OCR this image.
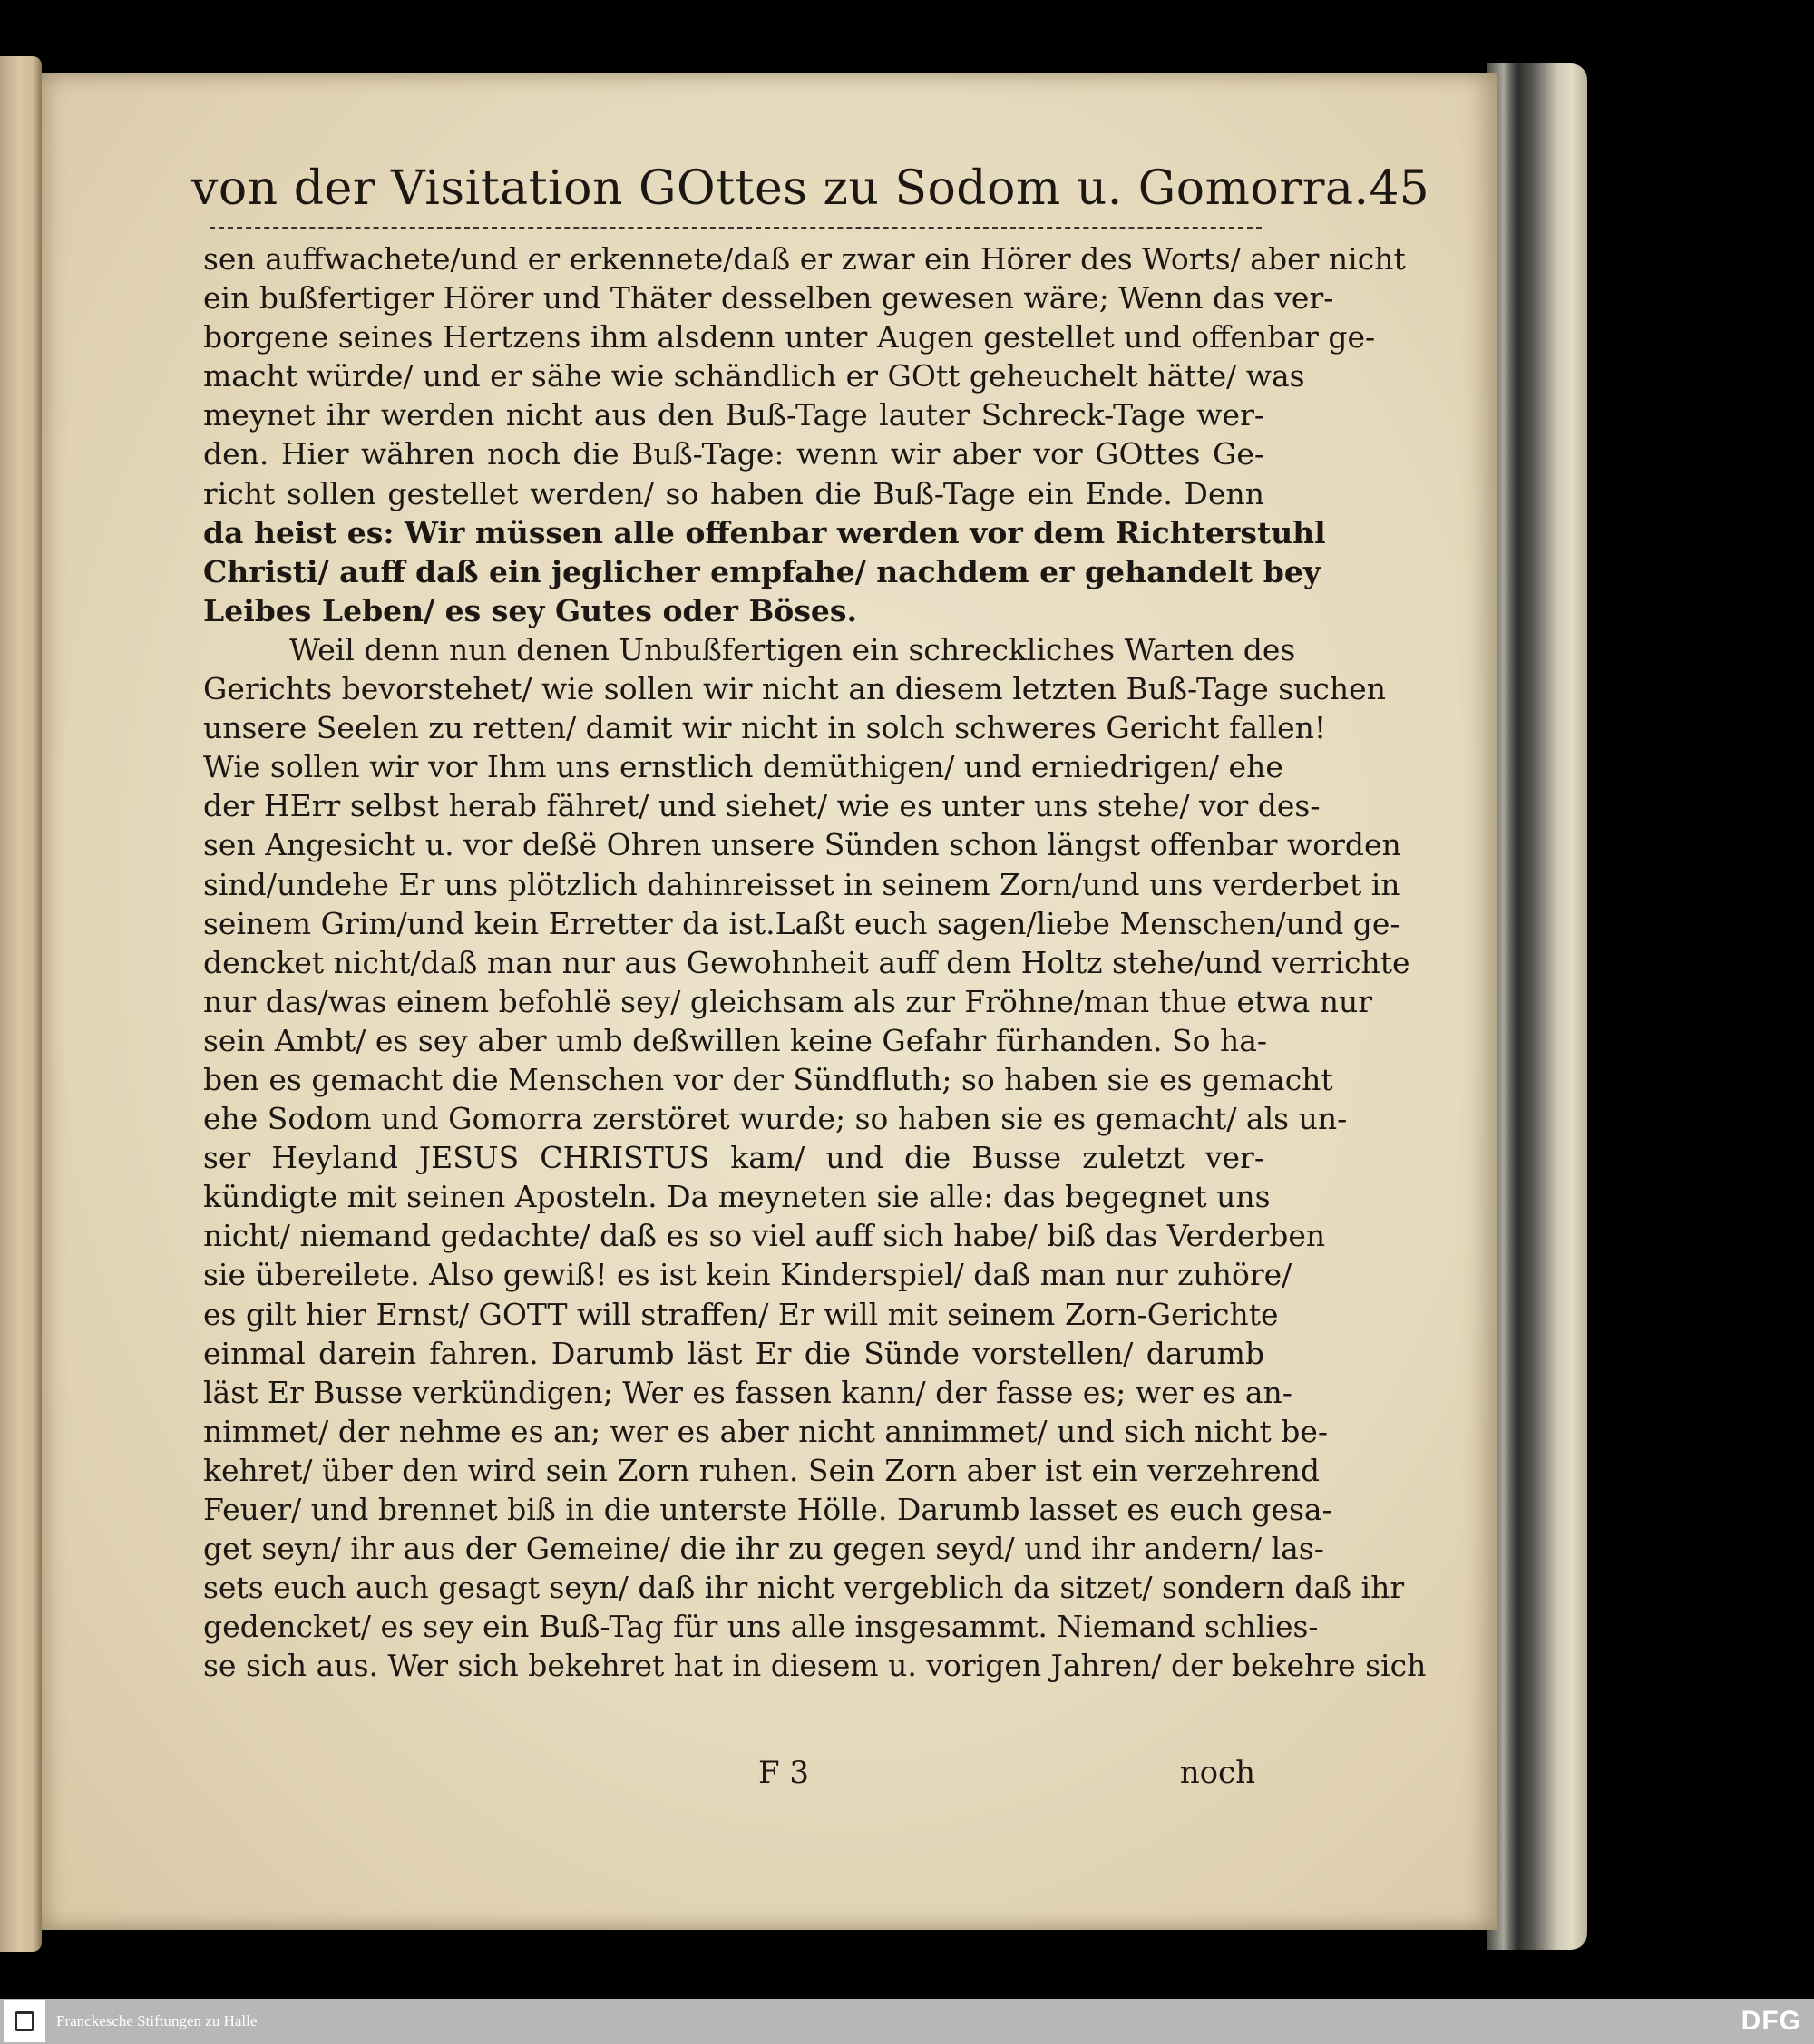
von der Visitation GOttes zu Sodom u. Gomorra. 45
sen auffwachete/und er erkennete/daß er zwar ein Hörer des Worts/ aber nicht
ein bußfertiger Hörer und Thäter desselben gewesen wäre; Wenn das ver-
borgene seines Hertzens ihm alsdenn unter Augen gestellet und offenbar ge-
macht würde/ und er sähe wie schändlich er GOtt geheuchelt hätte/ was
meynet ihr werden nicht aus den Buß-Tage lauter Schreck-Tage wer-
den. Hier währen noch die Buß-Tage: wenn wir aber vor GOttes Ge-
richt sollen gestellet werden/ so haben die Buß-Tage ein Ende. Denn
da heist es: Wir müssen alle offenbar werden vor dem Richterstuhl
Christi/ auff daß ein jeglicher empfahe/ nachdem er gehandelt bey
Leibes Leben/ es sey Gutes oder Böses.
Weil denn nun denen Unbußfertigen ein schreckliches Warten des
Gerichts bevorstehet/ wie sollen wir nicht an diesem letzten Buß-Tage suchen
unsere Seelen zu retten/ damit wir nicht in solch schweres Gericht fallen!
Wie sollen wir vor Ihm uns ernstlich demüthigen/ und erniedrigen/ ehe
der HErr selbst herab fähret/ und siehet/ wie es unter uns stehe/ vor des-
sen Angesicht u. vor deßë Ohren unsere Sünden schon längst offenbar worden
sind/undehe Er uns plötzlich dahinreisset in seinem Zorn/und uns verderbet in
seinem Grim/und kein Erretter da ist.Laßt euch sagen/liebe Menschen/und ge-
dencket nicht/daß man nur aus Gewohnheit auff dem Holtz stehe/und verrichte
nur das/was einem befohlë sey/ gleichsam als zur Fröhne/man thue etwa nur
sein Ambt/ es sey aber umb deßwillen keine Gefahr fürhanden. So ha-
ben es gemacht die Menschen vor der Sündfluth; so haben sie es gemacht
ehe Sodom und Gomorra zerstöret wurde; so haben sie es gemacht/ als un-
ser Heyland JESUS CHRISTUS kam/ und die Busse zuletzt ver-
kündigte mit seinen Aposteln. Da meyneten sie alle: das begegnet uns
nicht/ niemand gedachte/ daß es so viel auff sich habe/ biß das Verderben
sie übereilete. Also gewiß! es ist kein Kinderspiel/ daß man nur zuhöre/
es gilt hier Ernst/ GOTT will straffen/ Er will mit seinem Zorn-Gerichte
einmal darein fahren. Darumb läst Er die Sünde vorstellen/ darumb
läst Er Busse verkündigen; Wer es fassen kann/ der fasse es; wer es an-
nimmet/ der nehme es an; wer es aber nicht annimmet/ und sich nicht be-
kehret/ über den wird sein Zorn ruhen. Sein Zorn aber ist ein verzehrend
Feuer/ und brennet biß in die unterste Hölle. Darumb lasset es euch gesa-
get seyn/ ihr aus der Gemeine/ die ihr zu gegen seyd/ und ihr andern/ las-
sets euch auch gesagt seyn/ daß ihr nicht vergeblich da sitzet/ sondern daß ihr
gedencket/ es sey ein Buß-Tag für uns alle insgesammt. Niemand schlies-
se sich aus. Wer sich bekehret hat in diesem u. vorigen Jahren/ der bekehre sich
F 3	noch
Franckesche Stiftungen zu Halle	DFG
